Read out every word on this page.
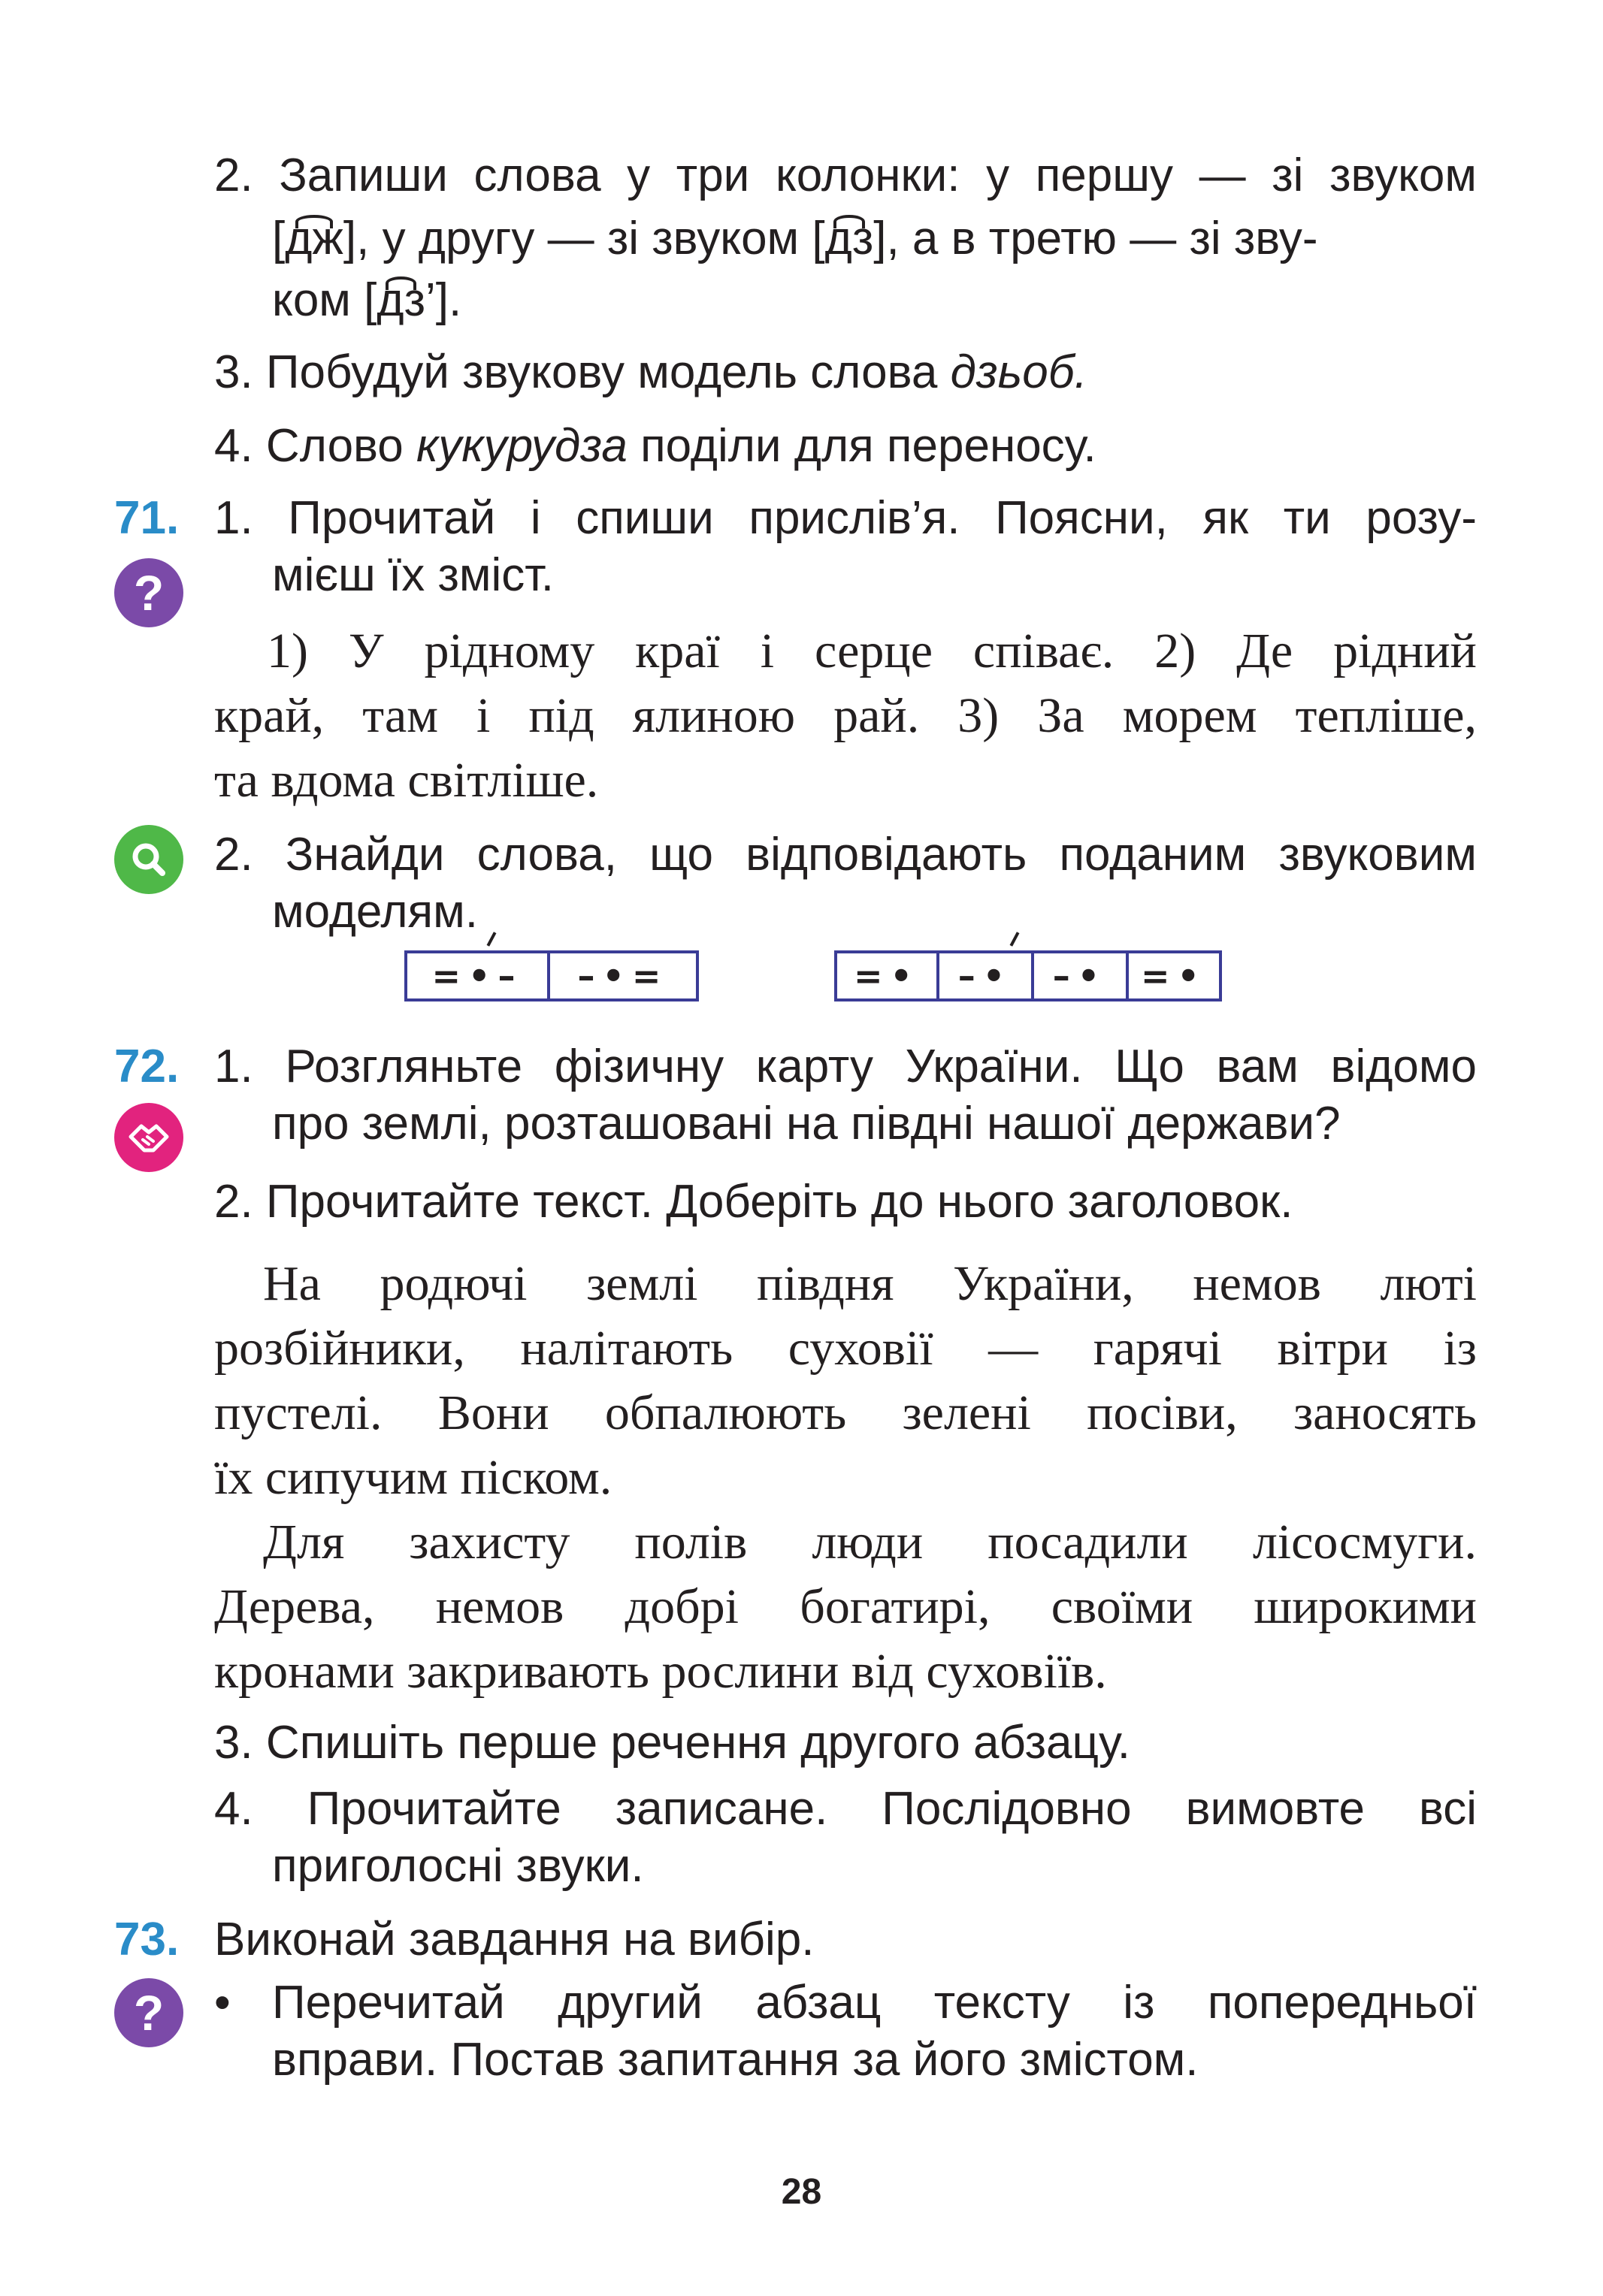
2. Запиши слова у три колонки: у першу — зі звуком
[дж
], у другу — зі звуком [дз
], а в третю — зі зву-
ком [дз
’].
3. Побудуй звукову модель слова дзьоб.
4. Слово кукурудза поділи для переносу.
71.
?
1. Прочитай і спиши прислів’я. Поясни, як ти розу-
мієш їх зміст.
1) У рідному краї і серце співає. 2) Де рідний
край, там і під ялиною рай. 3) За морем тепліше,
та вдома світліше.
2. Знайди слова, що відповідають поданим звуковим
моделям.
=•–	–•=	=•	–•	–• =•
72. 1. Розгляньте фізичну карту України. Що вам відомо
про землі, розташовані на півдні нашої держави?
2. Прочитайте текст. Доберіть до нього заголовок.
На родючі землі півдня України, немов люті
розбійники, налітають суховії — гарячі вітри із
пустелі. Вони обпалюють зелені посіви, заносять
їх сипучим піском.
Для захисту полів люди посадили лісосмуги.
Дерева, немов добрі богатирі, своїми широкими
кронами закривають рослини від суховіїв.
3. Спишіть перше речення другого абзацу.
4. Прочитайте записане. Послідовно вимовте всі
приголосні звуки.
73. Виконай завдання на вибір.
? • Перечитай другий абзац тексту із попередньої
вправи. Постав запитання за його змістом.
28
